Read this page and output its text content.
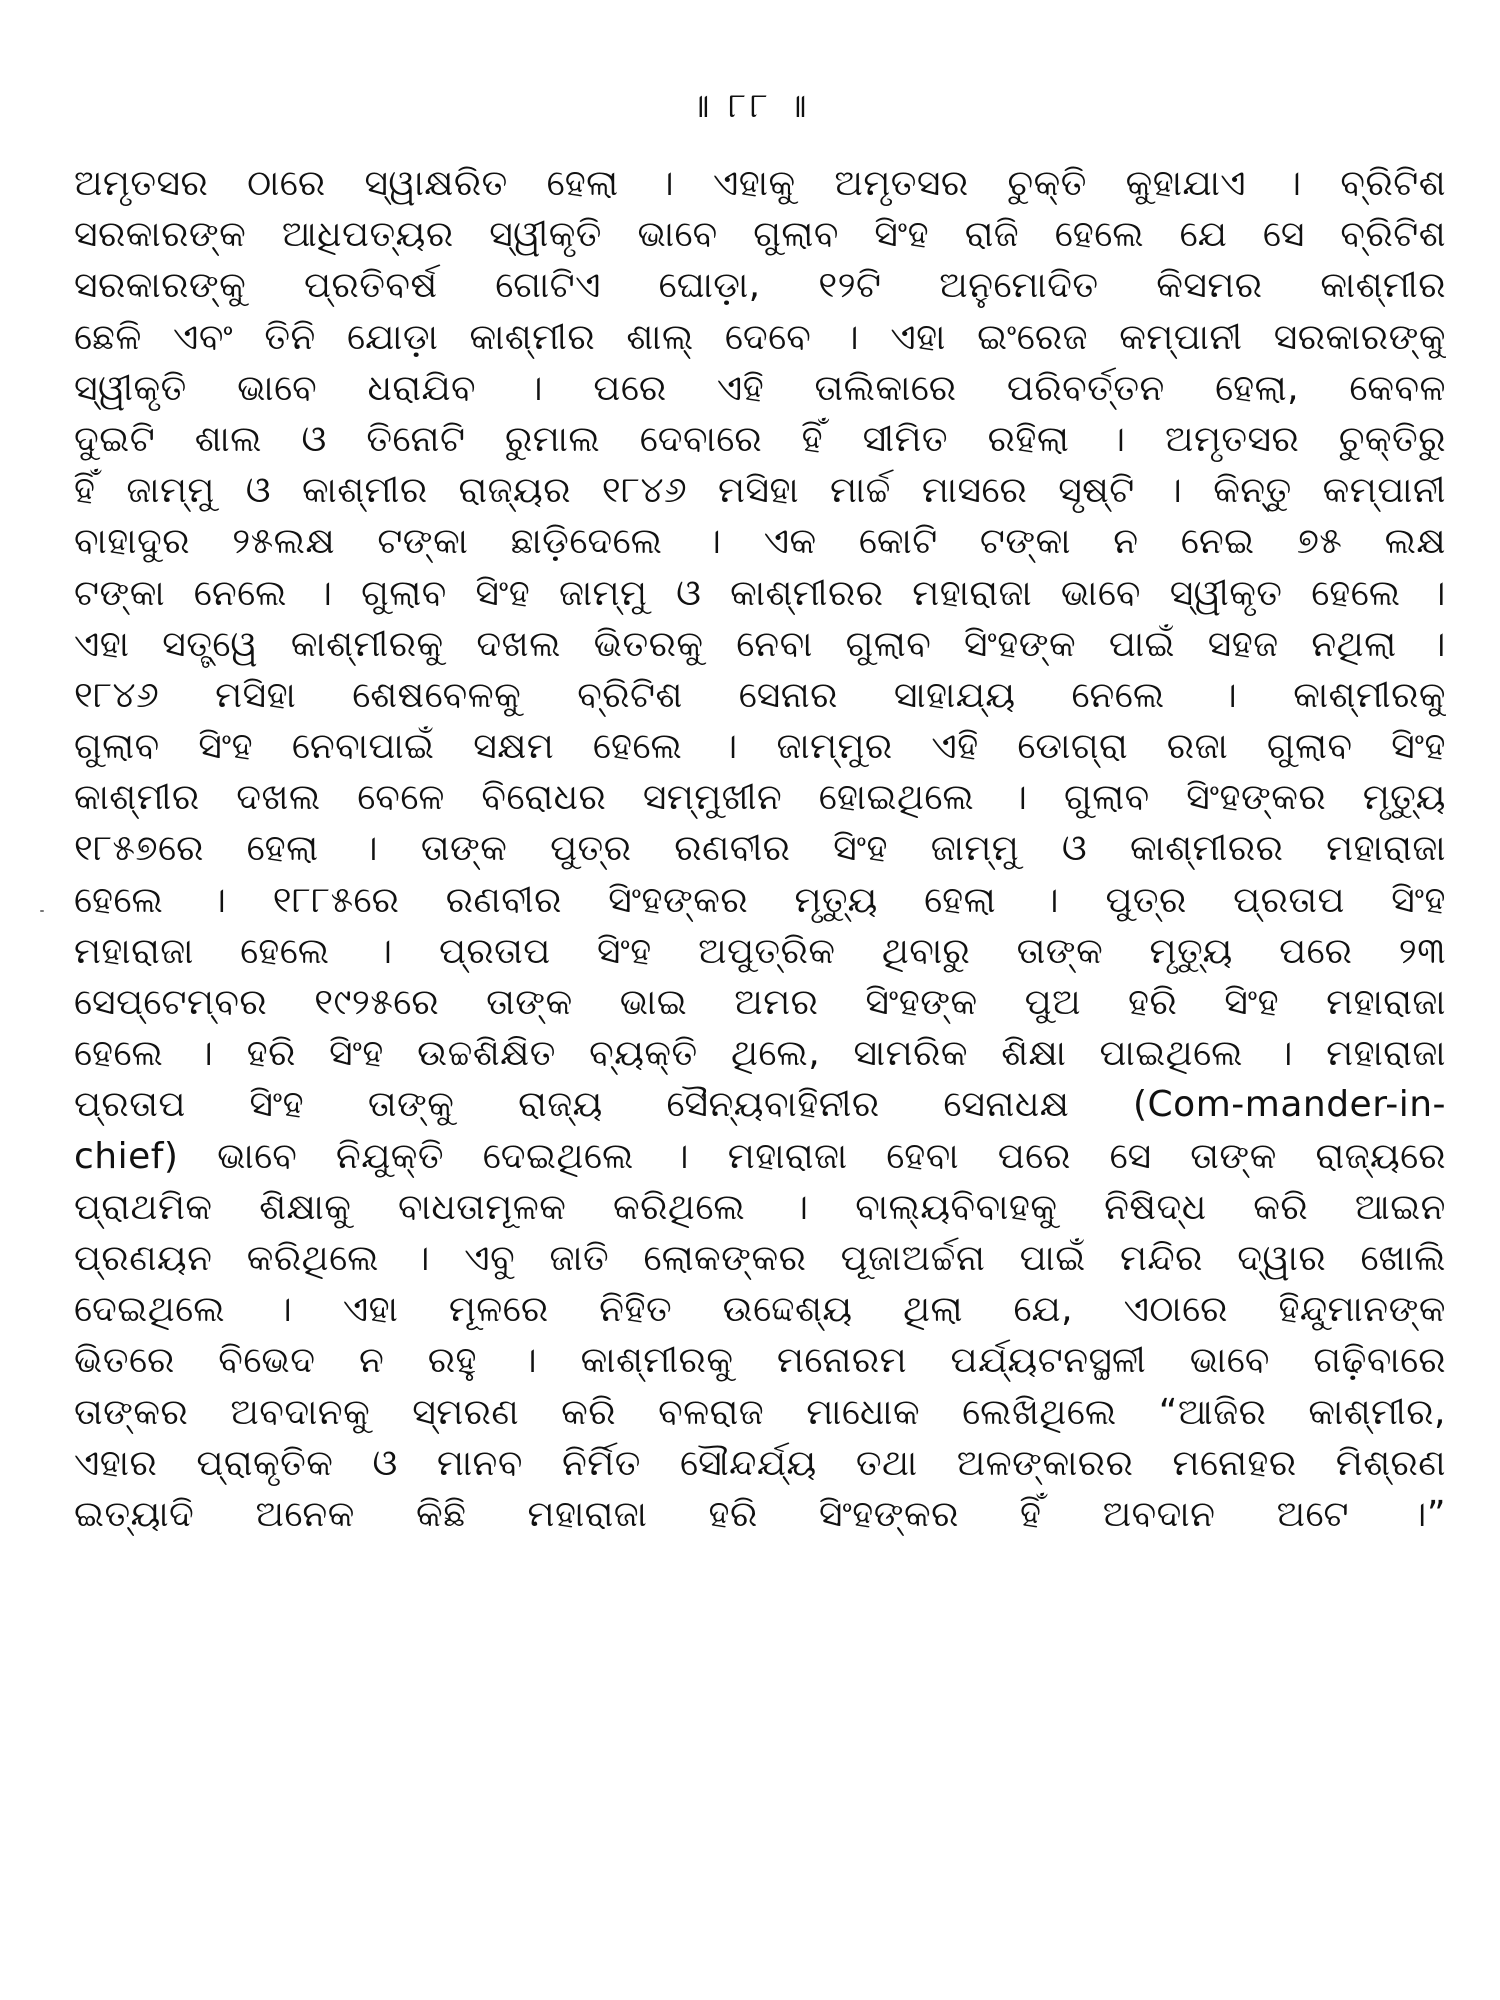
॥ ୮୮ ॥
ଅମୃତସର ଠାରେ ସ୍ୱାକ୍ଷରିତ ହେଲା । ଏହାକୁ ଅମୃତସର ଚୁକ୍ତି କୁହାଯାଏ । ବ୍ରିଟିଶ
ସରକାରଙ୍କ ଆଧିପତ୍ୟର ସ୍ୱୀକୃତି ଭାବେ ଗୁଲାବ ସିଂହ ରାଜି ହେଲେ ଯେ ସେ ବ୍ରିଟିଶ
ସରକାରଙ୍କୁ ପ୍ରତିବର୍ଷ ଗୋଟିଏ ଘୋଡ଼ା, ୧୨ଟି ଅନୁମୋଦିତ କିସମର କାଶ୍ମୀର
ଛେଳି ଏବଂ ତିନି ଯୋଡ଼ା କାଶ୍ମୀର ଶାଲ୍ ଦେବେ । ଏହା ଇଂରେଜ କମ୍ପାନୀ ସରକାରଙ୍କୁ
ସ୍ୱୀକୃତି ଭାବେ ଧରାଯିବ । ପରେ ଏହି ତାଲିକାରେ ପରିବର୍ତ୍ତନ ହେଲା, କେବଳ
ଦୁଇଟି ଶାଲ ଓ ତିନୋଟି ରୁମାଲ ଦେବାରେ ହିଁ ସୀମିତ ରହିଲା । ଅମୃତସର ଚୁକ୍ତିରୁ
ହିଁ ଜାମ୍ମୁ ଓ କାଶ୍ମୀର ରାଜ୍ୟର ୧୮୪୬ ମସିହା ମାର୍ଚ୍ଚ ମାସରେ ସୃଷ୍ଟି । କିନ୍ତୁ କମ୍ପାନୀ
ବାହାଦୁର ୨୫ଲକ୍ଷ ଟଙ୍କା ଛାଡ଼ିଦେଲେ । ଏକ କୋଟି ଟଙ୍କା ନ ନେଇ ୭୫ ଲକ୍ଷ
ଟଙ୍କା ନେଲେ । ଗୁଲାବ ସିଂହ ଜାମ୍ମୁ ଓ କାଶ୍ମୀରର ମହାରାଜା ଭାବେ ସ୍ୱୀକୃତ ହେଲେ ।
ଏହା ସତ୍ତ୍ୱେ କାଶ୍ମୀରକୁ ଦଖଲ ଭିତରକୁ ନେବା ଗୁଲାବ ସିଂହଙ୍କ ପାଇଁ ସହଜ ନଥିଲା ।
୧୮୪୬ ମସିହା ଶେଷବେଳକୁ ବ୍ରିଟିଶ ସେନାର ସାହାଯ୍ୟ ନେଲେ । କାଶ୍ମୀରକୁ
ଗୁଲାବ ସିଂହ ନେବାପାଇଁ ସକ୍ଷମ ହେଲେ । ଜାମ୍ମୁର ଏହି ଡୋଗ୍ରା ରଜା ଗୁଲାବ ସିଂହ
କାଶ୍ମୀର ଦଖଲ ବେଳେ ବିରୋଧର ସମ୍ମୁଖୀନ ହୋଇଥିଲେ । ଗୁଲାବ ସିଂହଙ୍କର ମୃତ୍ୟୁ
୧୮୫୭ରେ ହେଲା । ତାଙ୍କ ପୁତ୍ର ରଣବୀର ସିଂହ ଜାମ୍ମୁ ଓ କାଶ୍ମୀରର ମହାରାଜା
ହେଲେ । ୧୮୮୫ରେ ରଣବୀର ସିଂହଙ୍କର ମୃତ୍ୟୁ ହେଲା । ପୁତ୍ର ପ୍ରତାପ ସିଂହ
ମହାରାଜା ହେଲେ । ପ୍ରତାପ ସିଂହ ଅପୁତ୍ରିକ ଥିବାରୁ ତାଙ୍କ ମୃତ୍ୟୁ ପରେ ୨୩
ସେପ୍ଟେମ୍ବର ୧୯୨୫ରେ ତାଙ୍କ ଭାଇ ଅମର ସିଂହଙ୍କ ପୁଅ ହରି ସିଂହ ମହାରାଜା
ହେଲେ । ହରି ସିଂହ ଉଚ୍ଚଶିକ୍ଷିତ ବ୍ୟକ୍ତି ଥିଲେ, ସାମରିକ ଶିକ୍ଷା ପାଇଥିଲେ । ମହାରାଜା
ପ୍ରତାପ ସିଂହ ତାଙ୍କୁ ରାଜ୍ୟ ସୈନ୍ୟବାହିନୀର ସେନାଧକ୍ଷ (Com-mander-in-
chief) ଭାବେ ନିଯୁକ୍ତି ଦେଇଥିଲେ । ମହାରାଜା ହେବା ପରେ ସେ ତାଙ୍କ ରାଜ୍ୟରେ
ପ୍ରାଥମିକ ଶିକ୍ଷାକୁ ବାଧତାମୂଳକ କରିଥିଲେ । ବାଲ୍ୟବିବାହକୁ ନିଷିଦ୍ଧ କରି ଆଇନ
ପ୍ରଣୟନ କରିଥିଲେ । ଏବୁ ଜାତି ଲୋକଙ୍କର ପୂଜାଅର୍ଚ୍ଚନା ପାଇଁ ମନ୍ଦିର ଦ୍ୱାର ଖୋଲି
ଦେଇଥିଲେ । ଏହା ମୂଳରେ ନିହିତ ଉଦ୍ଦେଶ୍ୟ ଥିଲା ଯେ, ଏଠାରେ ହିନ୍ଦୁମାନଙ୍କ
ଭିତରେ ବିଭେଦ ନ ରହୁ । କାଶ୍ମୀରକୁ ମନୋରମ ପର୍ଯ୍ୟଟନସ୍ଥଳୀ ଭାବେ ଗଢ଼ିବାରେ
ତାଙ୍କର ଅବଦାନକୁ ସ୍ମରଣ କରି ବଳରାଜ ମାଧୋକ ଲେଖିଥିଲେ “ଆଜିର କାଶ୍ମୀର,
ଏହାର ପ୍ରାକୃତିକ ଓ ମାନବ ନିର୍ମିତ ସୌନ୍ଦର୍ଯ୍ୟ ତଥା ଅଳଙ୍କାରର ମନୋହର ମିଶ୍ରଣ
ଇତ୍ୟାଦି ଅନେକ କିଛି ମହାରାଜା ହରି ସିଂହଙ୍କର ହିଁ ଅବଦାନ ଅଟେ ।”
